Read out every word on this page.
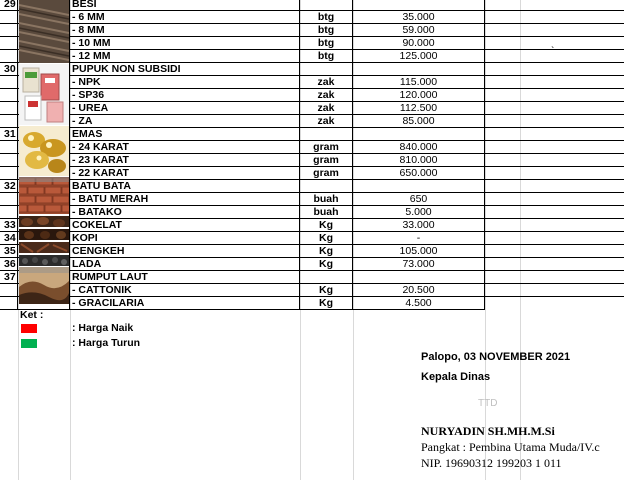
29	BESI
- 6 MM	btg	35.000
- 8 MM	btg	59.000
- 10 MM	btg	90.000
- 12 MM	btg	125.000
30	PUPUK NON SUBSIDI
- NPK	zak	115.000
- SP36	zak	120.000
- UREA	zak	112.500
- ZA	zak	85.000
31	EMAS
- 24 KARAT	gram	840.000
- 23 KARAT	gram	810.000
- 22 KARAT	gram	650.000
32	BATU BATA
- BATU MERAH	buah	650
- BATAKO	buah	5.000
33	COKELAT	Kg	33.000
34	KOPI	Kg	-
35	CENGKEH	Kg	105.000
36	LADA	Kg	73.000
37	RUMPUT LAUT
- CATTONIK	Kg	20.500
- GRACILARIA	Kg	4.500
`
Ket :
: Harga Naik
: Harga Turun
Palopo, 03 NOVEMBER 2021
Kepala Dinas
TTD
NURYADIN SH.MH.M.Si
Pangkat : Pembina Utama Muda/IV.c
NIP. 19690312 199203 1 011
